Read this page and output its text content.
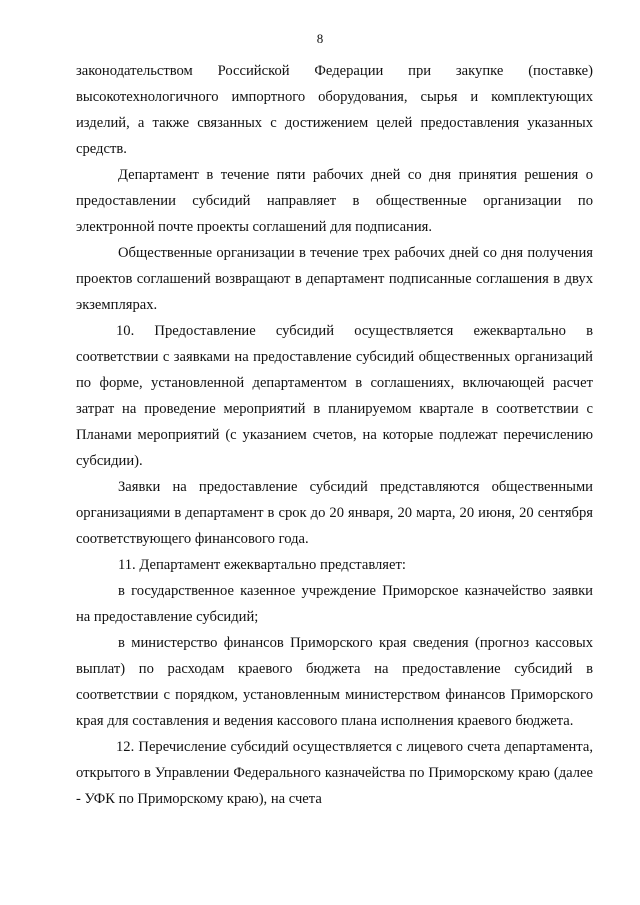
8

законодательством Российской Федерации при закупке (поставке) высокотехнологичного импортного оборудования, сырья и комплектующих изделий, а также связанных с достижением целей предоставления указанных средств.

Департамент в течение пяти рабочих дней со дня принятия решения о предоставлении субсидий направляет в общественные организации по электронной почте проекты соглашений для подписания.

Общественные организации в течение трех рабочих дней со дня получения проектов соглашений возвращают в департамент подписанные соглашения в двух экземплярах.

10. Предоставление субсидий осуществляется ежеквартально в соответствии с заявками на предоставление субсидий общественных организаций по форме, установленной департаментом в соглашениях, включающей расчет затрат на проведение мероприятий в планируемом квартале в соответствии с Планами мероприятий (с указанием счетов, на которые подлежат перечислению субсидии).

Заявки на предоставление субсидий представляются общественными организациями в департамент в срок до 20 января, 20 марта, 20 июня, 20 сентября соответствующего финансового года.

11. Департамент ежеквартально представляет:

в государственное казенное учреждение Приморское казначейство заявки на предоставление субсидий;

в министерство финансов Приморского края сведения (прогноз кассовых выплат) по расходам краевого бюджета на предоставление субсидий в соответствии с порядком, установленным министерством финансов Приморского края для составления и ведения кассового плана исполнения краевого бюджета.

12. Перечисление субсидий осуществляется с лицевого счета департамента, открытого в Управлении Федерального казначейства по Приморскому краю (далее - УФК по Приморскому краю), на счета
